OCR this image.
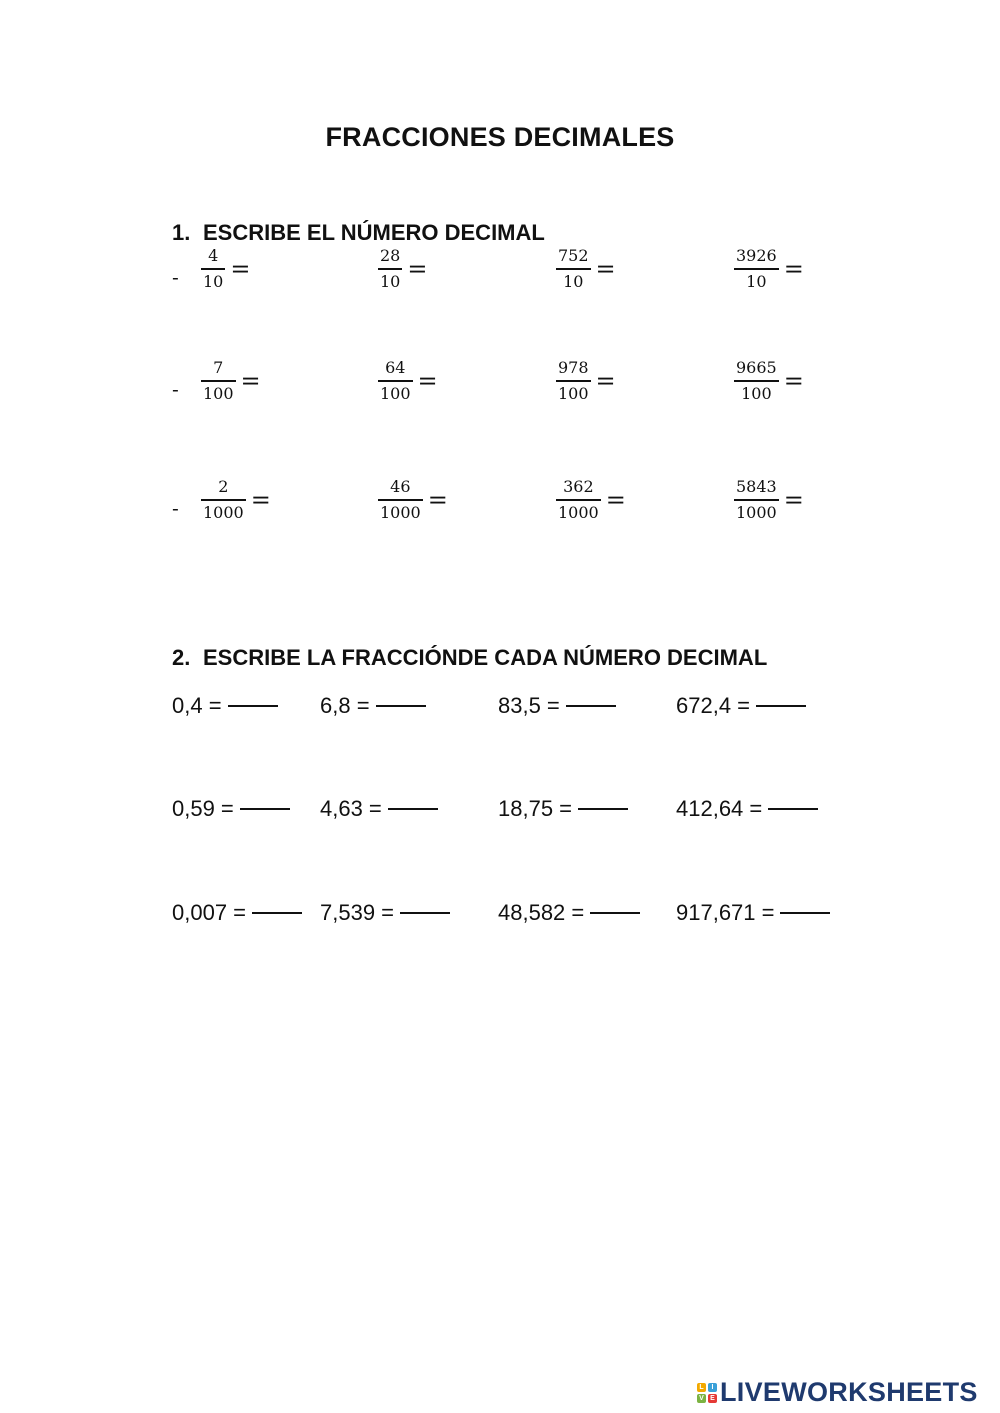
FRACCIONES DECIMALES
1. ESCRIBE EL NÚMERO DECIMAL
- $\frac{4}{10}$ =	$\frac{28}{10}$ =	$\frac{752}{10}$ =	$\frac{3926}{10}$ =
- $\frac{7}{100}$ =	$\frac{64}{100}$ =	$\frac{978}{100}$ =	$\frac{9665}{100}$ =
- $\frac{2}{1000}$ =	$\frac{46}{1000}$ =	$\frac{362}{1000}$ =	$\frac{5843}{1000}$ =
2. ESCRIBE LA FRACCIÓNDE CADA NÚMERO DECIMAL
0,4 =	6,8 =	83,5 =	672,4 =
0,59 =	4,63 =	18,75 =	412,64 =
0,007 =	7,539 =	48,582 =	917,671 =
L	I
V E LIVEWORKSHEETS
